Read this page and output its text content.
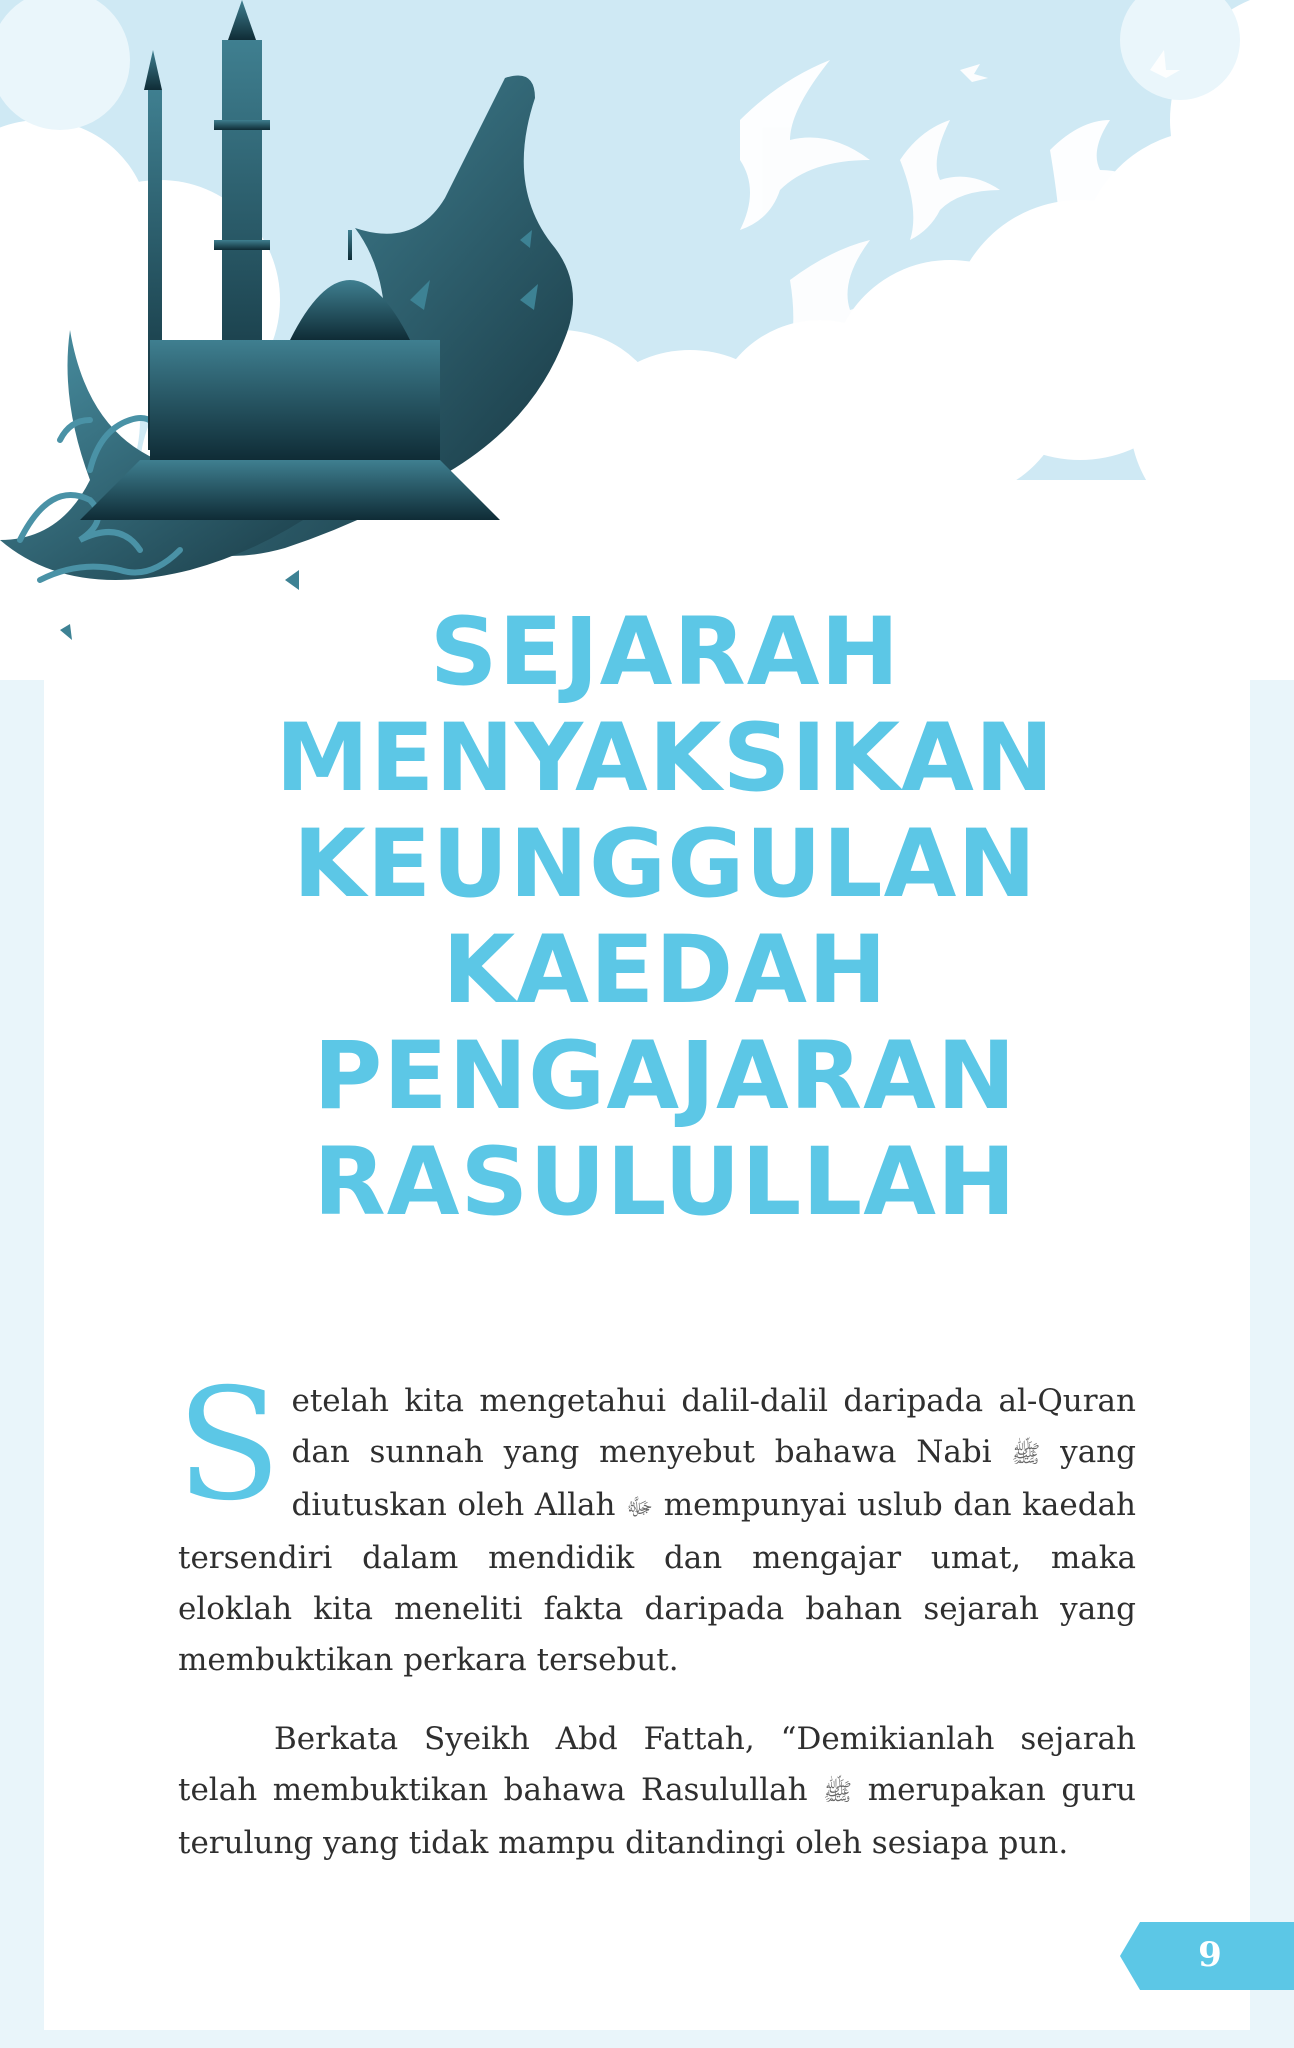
SEJARAH
MENYAKSIKAN
KEUNGGULAN
KAEDAH
PENGAJARAN
RASULULLAH

Setelah kita mengetahui dalil-dalil daripada al-Quran dan sunnah yang menyebut bahawa Nabi ﷺ yang diutuskan oleh Allah ﷻ mempunyai uslub dan kaedah tersendiri dalam mendidik dan mengajar umat, maka eloklah kita meneliti fakta daripada bahan sejarah yang membuktikan perkara tersebut.

Berkata Syeikh Abd Fattah, “Demikianlah sejarah telah membuktikan bahawa Rasulullah ﷺ merupakan guru terulung yang tidak mampu ditandingi oleh sesiapa pun.

9
